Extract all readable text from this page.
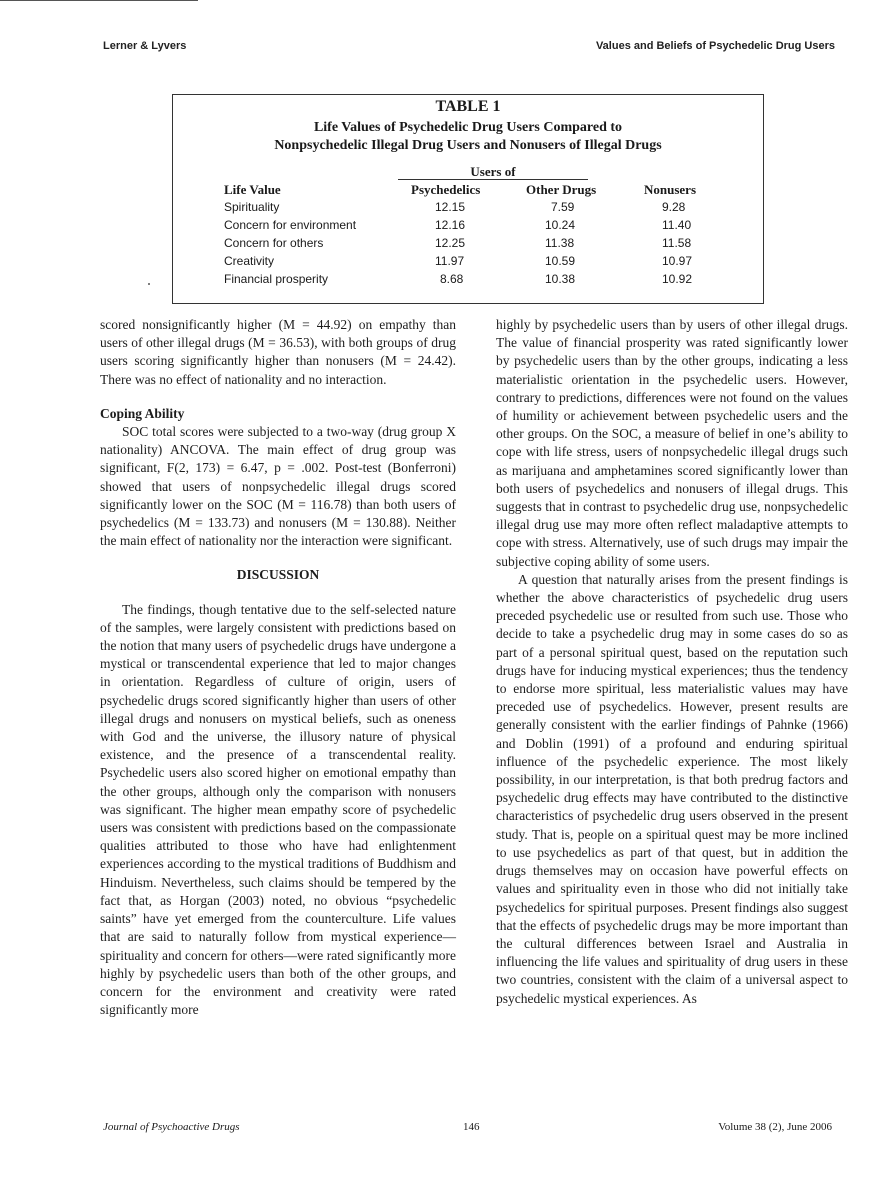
Lerner & Lyvers	Values and Beliefs of Psychedelic Drug Users
TABLE 1
Life Values of Psychedelic Drug Users Compared to
Nonpsychedelic Illegal Drug Users and Nonusers of Illegal Drugs
Users of
Life Value	Psychedelics	Other Drugs	Nonusers
Spirituality	12.15	7.59	9.28
Concern for environment	12.16	10.24	11.40
Concern for others	12.25	11.38	11.58
Creativity	11.97	10.59	10.97
Financial prosperity	8.68	10.38	10.92

scored nonsignificantly higher (M = 44.92) on empathy than users of other illegal drugs (M = 36.53), with both groups of drug users scoring significantly higher than nonusers (M = 24.42). There was no effect of nationality and no interaction.

Coping Ability

SOC total scores were subjected to a two-way (drug group X nationality) ANCOVA. The main effect of drug group was significant, F(2, 173) = 6.47, p = .002. Post-test (Bonferroni) showed that users of nonpsychedelic illegal drugs scored significantly lower on the SOC (M = 116.78) than both users of psychedelics (M = 133.73) and nonusers (M = 130.88). Neither the main effect of nationality nor the interaction were significant.

DISCUSSION

The findings, though tentative due to the self-selected nature of the samples, were largely consistent with predictions based on the notion that many users of psychedelic drugs have undergone a mystical or transcendental experience that led to major changes in orientation. Regardless of culture of origin, users of psychedelic drugs scored significantly higher than users of other illegal drugs and nonusers on mystical beliefs, such as oneness with God and the universe, the illusory nature of physical existence, and the presence of a transcendental reality. Psychedelic users also scored higher on emotional empathy than the other groups, although only the comparison with nonusers was significant. The higher mean empathy score of psychedelic users was consistent with predictions based on the compassionate qualities attributed to those who have had enlightenment experiences according to the mystical traditions of Buddhism and Hinduism. Nevertheless, such claims should be tempered by the fact that, as Horgan (2003) noted, no obvious “psychedelic saints” have yet emerged from the counterculture. Life values that are said to naturally follow from mystical experience—spirituality and concern for others—were rated significantly more highly by psychedelic users than both of the other groups, and concern for the environment and creativity were rated significantly more

highly by psychedelic users than by users of other illegal drugs. The value of financial prosperity was rated significantly lower by psychedelic users than by the other groups, indicating a less materialistic orientation in the psychedelic users. However, contrary to predictions, differences were not found on the values of humility or achievement between psychedelic users and the other groups. On the SOC, a measure of belief in one’s ability to cope with life stress, users of nonpsychedelic illegal drugs such as marijuana and amphetamines scored significantly lower than both users of psychedelics and nonusers of illegal drugs. This suggests that in contrast to psychedelic drug use, nonpsychedelic illegal drug use may more often reflect maladaptive attempts to cope with stress. Alternatively, use of such drugs may impair the subjective coping ability of some users.

A question that naturally arises from the present findings is whether the above characteristics of psychedelic drug users preceded psychedelic use or resulted from such use. Those who decide to take a psychedelic drug may in some cases do so as part of a personal spiritual quest, based on the reputation such drugs have for inducing mystical experiences; thus the tendency to endorse more spiritual, less materialistic values may have preceded use of psychedelics. However, present results are generally consistent with the earlier findings of Pahnke (1966) and Doblin (1991) of a profound and enduring spiritual influence of the psychedelic experience. The most likely possibility, in our interpretation, is that both predrug factors and psychedelic drug effects may have contributed to the distinctive characteristics of psychedelic drug users observed in the present study. That is, people on a spiritual quest may be more inclined to use psychedelics as part of that quest, but in addition the drugs themselves may on occasion have powerful effects on values and spirituality even in those who did not initially take psychedelics for spiritual purposes. Present findings also suggest that the effects of psychedelic drugs may be more important than the cultural differences between Israel and Australia in influencing the life values and spirituality of drug users in these two countries, consistent with the claim of a universal aspect to psychedelic mystical experiences. As

Journal of Psychoactive Drugs	146	Volume 38 (2), June 2006
